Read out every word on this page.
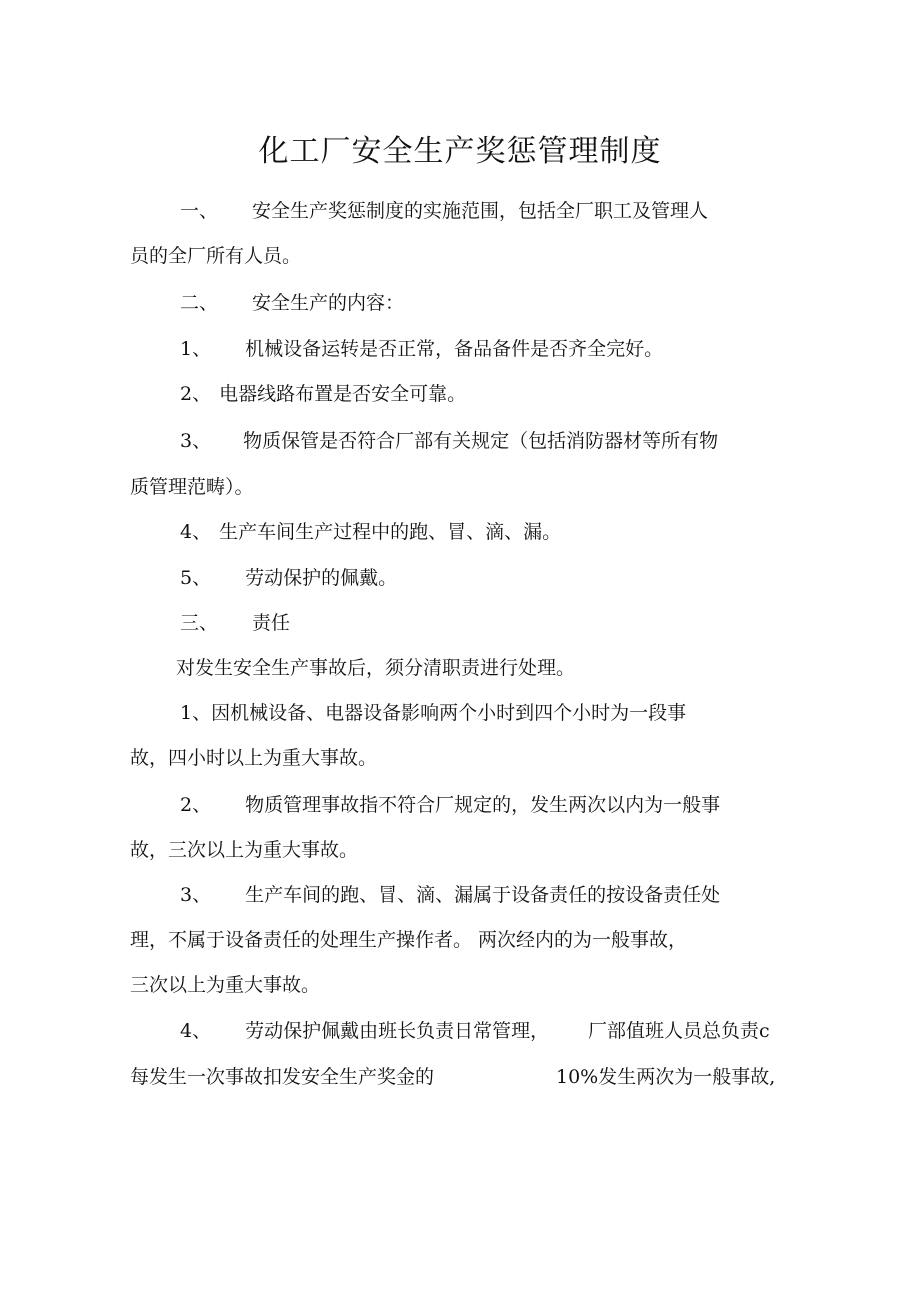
化工厂安全生产奖惩管理制度
一、 安全生产奖惩制度的实施范围，包括全厂职工及管理人
员的全厂所有人员。
二、 安全生产的内容：
1、 机械设备运转是否正常，备品备件是否齐全完好。
2、 电器线路布置是否安全可靠。
3、 物质保管是否符合厂部有关规定（包括消防器材等所有物
质管理范畴）。
4、 生产车间生产过程中的跑、冒、滴、漏。
5、 劳动保护的佩戴。
三、 责任
对发生安全生产事故后，须分清职责进行处理。
1、因机械设备、电器设备影响两个小时到四个小时为一段事
故，四小时以上为重大事故。
2、 物质管理事故指不符合厂规定的，发生两次以内为一般事
故，三次以上为重大事故。
3、 生产车间的跑、冒、滴、漏属于设备责任的按设备责任处
理，不属于设备责任的处理生产操作者。 两次经内的为一般事故，
三次以上为重大事故。
4、 劳动保护佩戴由班长负责日常管理， 厂部值班人员总负责c
每发生一次事故扣发安全生产奖金的	10%发生两次为一般事故,
